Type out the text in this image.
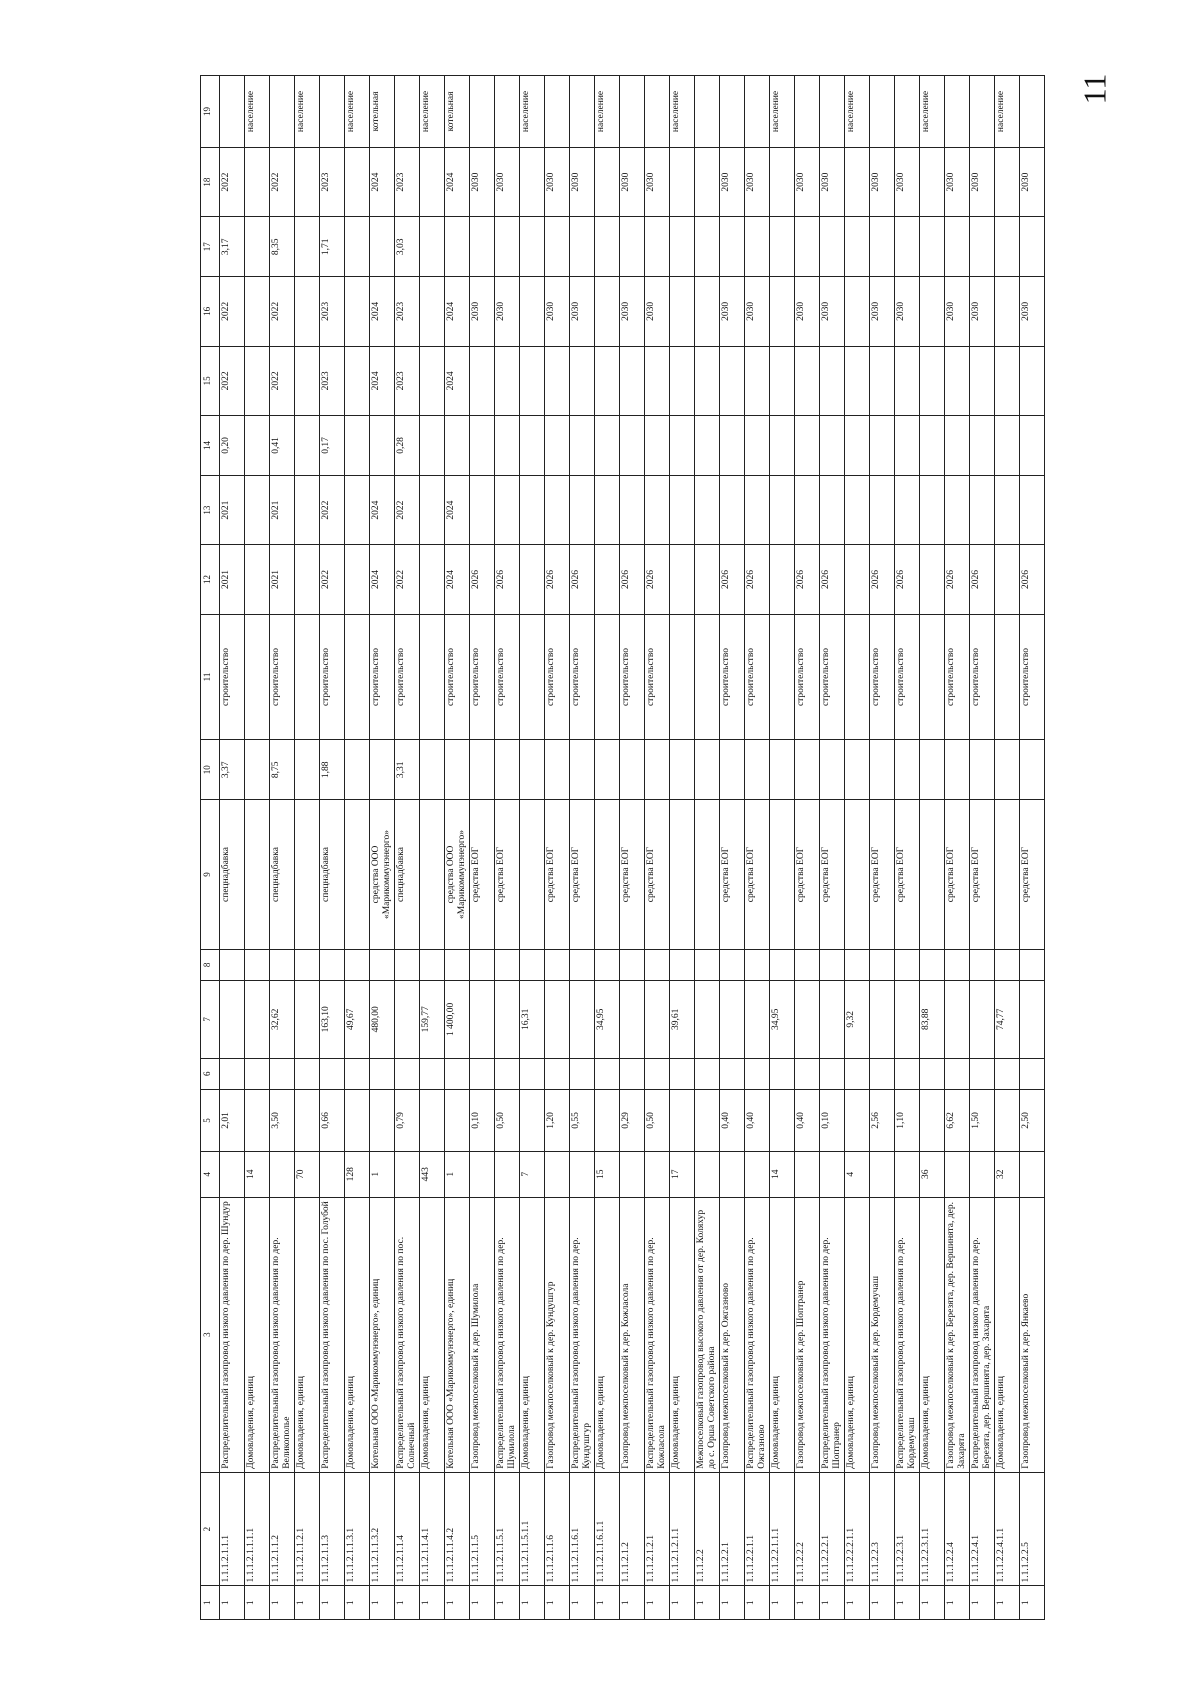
11
1	2	3	4	5	6	7	8	9	10	11	12	13	14	15	16	17	18	19
1	1.1.1.2.1.1.1	Распределительный газопровод низкого давления по дер. Шундур		2,01				спецнадбавка	3,37	строительство	2021	2021	0,20	2022	2022	3,17	2022	
1	1.1.1.2.1.1.1.1	Домовладения, единиц	14															население
1	1.1.1.2.1.1.2	Распределительный газопровод низкого давления по дер. Великополье		3,50		32,62		спецнадбавка	8,75	строительство	2021	2021	0,41	2022	2022	8,35	2022	
1	1.1.1.2.1.1.2.1	Домовладения, единиц	70															население
1	1.1.1.2.1.1.3	Распределительный газопровод низкого давления по пос. Голубой		0,66		163,10		спецнадбавка	1,88	строительство	2022	2022	0,17	2023	2023	1,71	2023	
1	1.1.1.2.1.1.3.1	Домовладения, единиц	128			49,67												население
1	1.1.1.2.1.1.3.2	Котельная ООО «Марикоммунэнерго», единиц	1			480,00		средства ООО «Марикоммунэнерго»		строительство	2024	2024		2024	2024		2024	котельная
1	1.1.1.2.1.1.4	Распределительный газопровод низкого давления по пос. Солнечный		0,79				спецнадбавка	3,31	строительство	2022	2022	0,28	2023	2023	3,03	2023	
1	1.1.1.2.1.1.4.1	Домовладения, единиц	443			159,77												население
1	1.1.1.2.1.1.4.2	Котельная ООО «Марикоммунэнерго», единиц	1			1 400,00		средства ООО «Марикоммунэнерго»		строительство	2024	2024		2024	2024		2024	котельная
1	1.1.1.2.1.1.5	Газопровод межпоселковый к дер. Шумилола		0,10				средства ЕОГ		строительство	2026				2030		2030	
1	1.1.1.2.1.1.5.1	Распределительный газопровод низкого давления по дер. Шумилола		0,50				средства ЕОГ		строительство	2026				2030		2030	
1	1.1.1.2.1.1.5.1.1	Домовладения, единиц	7			16,31												население
1	1.1.1.2.1.1.6	Газопровод межпоселковый к дер. Кундушгур		1,20				средства ЕОГ		строительство	2026				2030		2030	
1	1.1.1.2.1.1.6.1	Распределительный газопровод низкого давления по дер. Кундушгур		0,55				средства ЕОГ		строительство	2026				2030		2030	
1	1.1.1.2.1.1.6.1.1	Домовладения, единиц	15			34,95												население
1	1.1.1.2.1.2	Газопровод межпоселковый к дер. Кожласола		0,29				средства ЕОГ		строительство	2026				2030		2030	
1	1.1.1.2.1.2.1	Распределительный газопровод низкого давления по дер. Кожласола		0,50				средства ЕОГ		строительство	2026				2030		2030	
1	1.1.1.2.1.2.1.1	Домовладения, единиц	17			39,61												население
1	1.1.1.2.2	Межпоселковый газопровод высокого давления от дер. Коляхур до с. Орша Советского района																
1	1.1.1.2.2.1	Газопровод межпоселковый к дер. Ожгазново		0,40				средства ЕОГ		строительство	2026				2030		2030	
1	1.1.1.2.2.1.1	Распределительный газопровод низкого давления по дер. Ожгазново		0,40				средства ЕОГ		строительство	2026				2030		2030	
1	1.1.1.2.2.1.1.1	Домовладения, единиц	14			34,95												население
1	1.1.1.2.2.2	Газопровод межпоселковый к дер. Шоптранер		0,40				средства ЕОГ		строительство	2026				2030		2030	
1	1.1.1.2.2.2.1	Распределительный газопровод низкого давления по дер. Шоптранер		0,10				средства ЕОГ		строительство	2026				2030		2030	
1	1.1.1.2.2.2.1.1	Домовладения, единиц	4			9,32												население
1	1.1.1.2.2.3	Газопровод межпоселковый к дер. Кордемучаш		2,56				средства ЕОГ		строительство	2026				2030		2030	
1	1.1.1.2.2.3.1	Распределительный газопровод низкого давления по дер. Кордемучаш		1,10				средства ЕОГ		строительство	2026				2030		2030	
1	1.1.1.2.2.3.1.1	Домовладения, единиц	36			83,88												население
1	1.1.1.2.2.4	Газопровод межпоселковый к дер. Березята, дер. Вершинята, дер. Захарята		6,62				средства ЕОГ		строительство	2026				2030		2030	
1	1.1.1.2.2.4.1	Распределительный газопровод низкого давления по дер. Березята, дер. Вершинята, дер. Захарята		1,50				средства ЕОГ		строительство	2026				2030		2030	
1	1.1.1.2.2.4.1.1	Домовладения, единиц	32			74,77												население
1	1.1.1.2.2.5	Газопровод межпоселковый к дер. Янкаево		2,50				средства ЕОГ		строительство	2026				2030		2030	
